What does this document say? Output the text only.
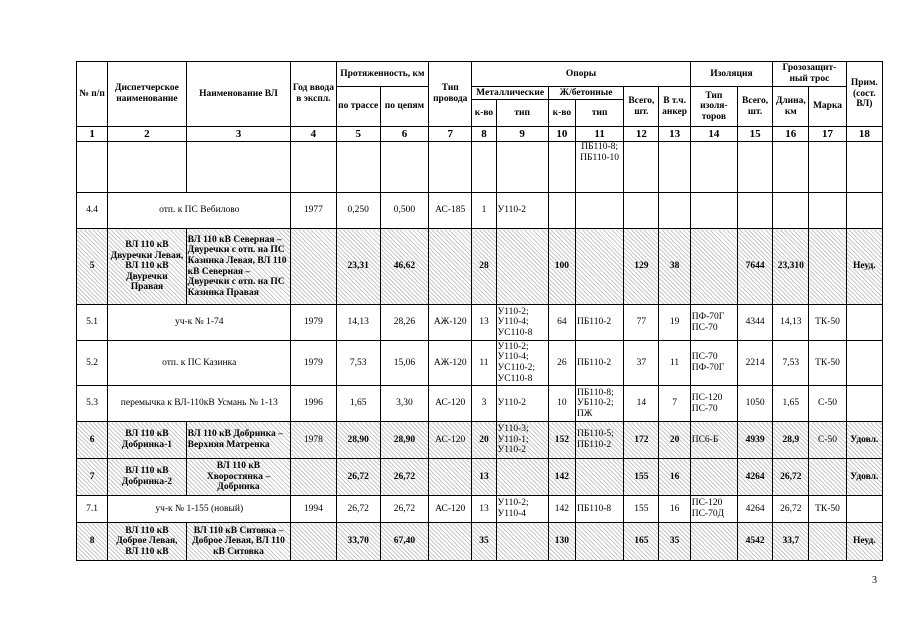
№ п/п	Диспетчерское наименование	Наименование ВЛ	Год ввода в экспл.	Протяженность, км		Тип провода	Опоры						Изоляция		Грозозащит-ный трос		Прим. (сост. ВЛ)
				по трассе	по цепям		Металлические		Ж/бетонные		Всего, шт.	В т.ч. анкер	Тип изоля-торов	Всего, шт.	Длина, км	Марка	
							к-во	тип	к-во	тип							
1	2	3	4	5	6	7	8	9	10	11	12	13	14	15	16	17	18
										ПБ110-8; ПБ110-10							
4.4	отп. к ПС Вебилово		1977	0,250	0,500	АС-185	1	У110-2									
5	ВЛ 110 кВ Двуречки Левая, ВЛ 110 кВ Двуречки Правая	ВЛ 110 кВ Северная – Двуречки с отп. на ПС Казинка Левая, ВЛ 110 кВ Северная – Двуречки с отп. на ПС Казинка Правая		23,31	46,62		28		100		129	38		7644	23,310		Неуд.
5.1	уч-к № 1-74		1979	14,13	28,26	АЖ-120	13	У110-2; У110-4; УС110-8	64	ПБ110-2	77	19	ПФ-70Г ПС-70	4344	14,13	ТК-50	
5.2	отп. к ПС Казинка		1979	7,53	15,06	АЖ-120	11	У110-2; У110-4; УС110-2; УС110-8	26	ПБ110-2	37	11	ПС-70 ПФ-70Г	2214	7,53	ТК-50	
5.3	перемычка к ВЛ-110кВ Усмань № 1-13		1996	1,65	3,30	АС-120	3	У110-2	10	ПБ110-8; УБ110-2; ПЖ	14	7	ПС-120 ПС-70	1050	1,65	С-50	
6	ВЛ 110 кВ Добринка-1	ВЛ 110 кВ Добринка – Верхняя Матренка	1978	28,90	28,90	АС-120	20	У110-3; У110-1; У110-2	152	ПБ110-5; ПБ110-2	172	20	ПС6-Б	4939	28,9	С-50	Удовл.
7	ВЛ 110 кВ Добринка-2	ВЛ 110 кВ Хворостянка – Добринка		26,72	26,72		13		142		155	16		4264	26,72		Удовл.
7.1	уч-к № 1-155 (новый)		1994	26,72	26,72	АС-120	13	У110-2; У110-4	142	ПБ110-8	155	16	ПС-120 ПС-70Д	4264	26,72	ТК-50	
8	ВЛ 110 кВ Доброе Левая, ВЛ 110 кВ	ВЛ 110 кВ Ситовка – Доброе Левая, ВЛ 110 кВ Ситовка		33,70	67,40		35		130		165	35		4542	33,7		Неуд.
3
